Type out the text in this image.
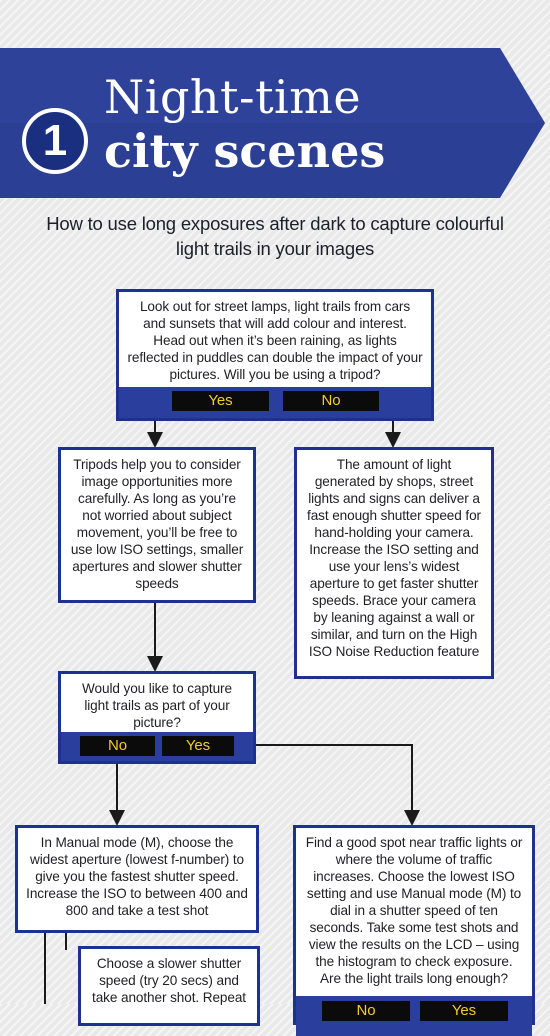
1
Night-time
city scenes
How to use long exposures after dark to capture colourful light trails in your images
Look out for street lamps, light trails from cars and sunsets that will add colour and interest. Head out when it’s been raining, as lights reflected in puddles can double the impact of your pictures. Will you be using a tripod?
Yes	No
Tripods help you to consider image opportunities more carefully. As long as you’re not worried about subject movement, you’ll be free to use low ISO settings, smaller apertures and slower shutter speeds
The amount of light generated by shops, street lights and signs can deliver a fast enough shutter speed for hand-holding your camera. Increase the ISO setting and use your lens’s widest aperture to get faster shutter speeds. Brace your camera by leaning against a wall or similar, and turn on the High ISO Noise Reduction feature
Would you like to capture light trails as part of your picture?
No	Yes
In Manual mode (M), choose the widest aperture (lowest f-number) to give you the fastest shutter speed. Increase the ISO to between 400 and 800 and take a test shot
Find a good spot near traffic lights or where the volume of traffic increases. Choose the lowest ISO setting and use Manual mode (M) to dial in a shutter speed of ten seconds. Take some test shots and view the results on the LCD – using the histogram to check exposure. Are the light trails long enough?
No	Yes
Choose a slower shutter speed (try 20 secs) and take another shot. Repeat
